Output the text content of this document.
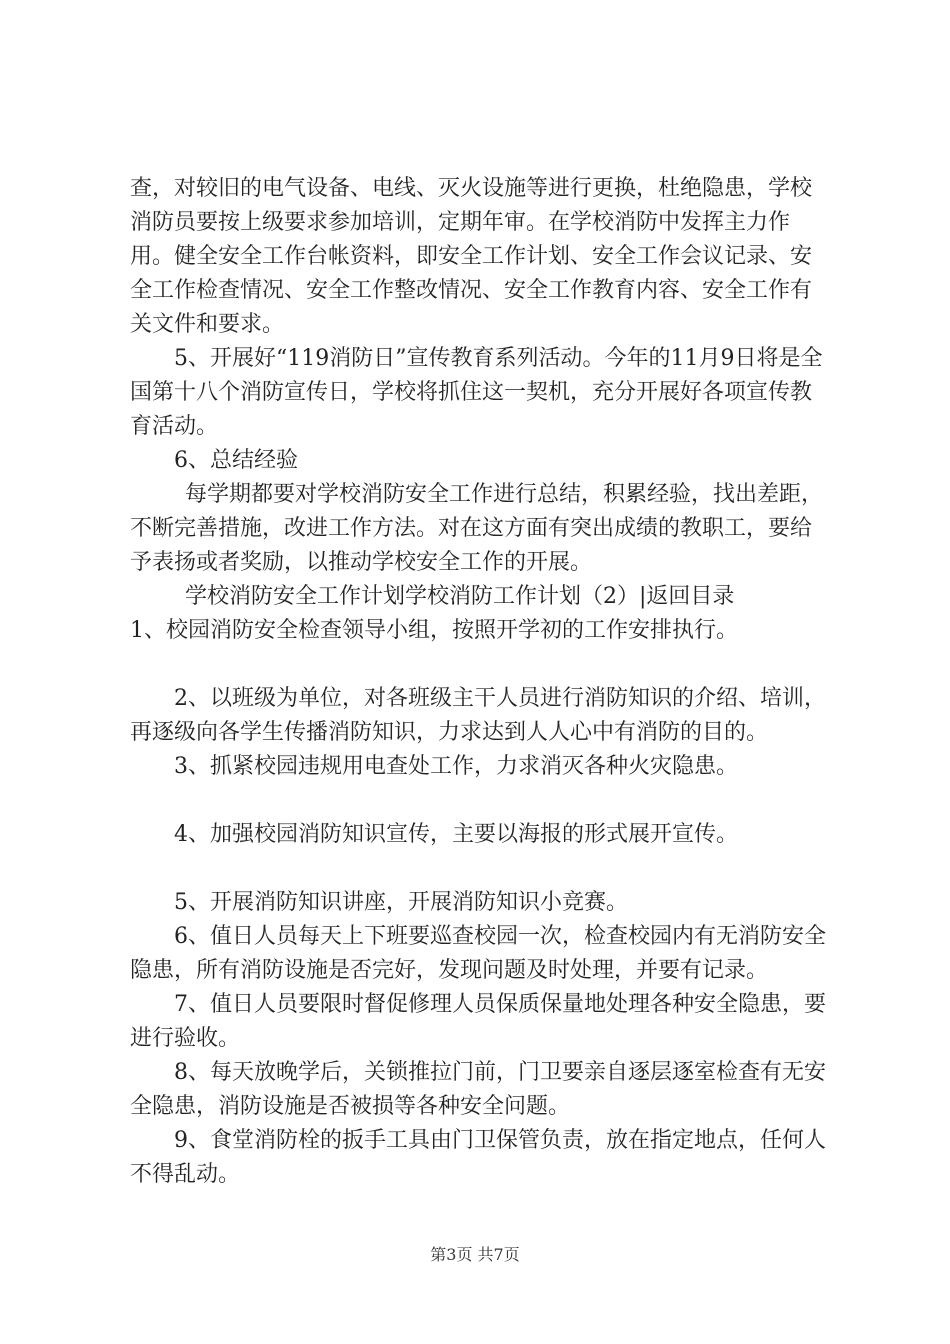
查，对较旧的电气设备、电线、灭火设施等进行更换，杜绝隐患，学校消防员要按上级要求参加培训，定期年审。在学校消防中发挥主力作用。健全安全工作台帐资料，即安全工作计划、安全工作会议记录、安全工作检查情况、安全工作整改情况、安全工作教育内容、安全工作有关文件和要求。

5、开展好“119消防日”宣传教育系列活动。今年的11月9日将是全国第十八个消防宣传日，学校将抓住这一契机，充分开展好各项宣传教育活动。

6、总结经验

每学期都要对学校消防安全工作进行总结，积累经验，找出差距，不断完善措施，改进工作方法。对在这方面有突出成绩的教职工，要给予表扬或者奖励，以推动学校安全工作的开展。

学校消防安全工作计划学校消防工作计划（2）|返回目录

1、校园消防安全检查领导小组，按照开学初的工作安排执行。

2、以班级为单位，对各班级主干人员进行消防知识的介绍、培训，再逐级向各学生传播消防知识，力求达到人人心中有消防的目的。

3、抓紧校园违规用电查处工作，力求消灭各种火灾隐患。

4、加强校园消防知识宣传，主要以海报的形式展开宣传。

5、开展消防知识讲座，开展消防知识小竞赛。

6、值日人员每天上下班要巡查校园一次，检查校园内有无消防安全隐患，所有消防设施是否完好，发现问题及时处理，并要有记录。

7、值日人员要限时督促修理人员保质保量地处理各种安全隐患，要进行验收。

8、每天放晚学后，关锁推拉门前，门卫要亲自逐层逐室检查有无安全隐患，消防设施是否被损等各种安全问题。

9、食堂消防栓的扳手工具由门卫保管负责，放在指定地点，任何人不得乱动。

第3页 共7页
